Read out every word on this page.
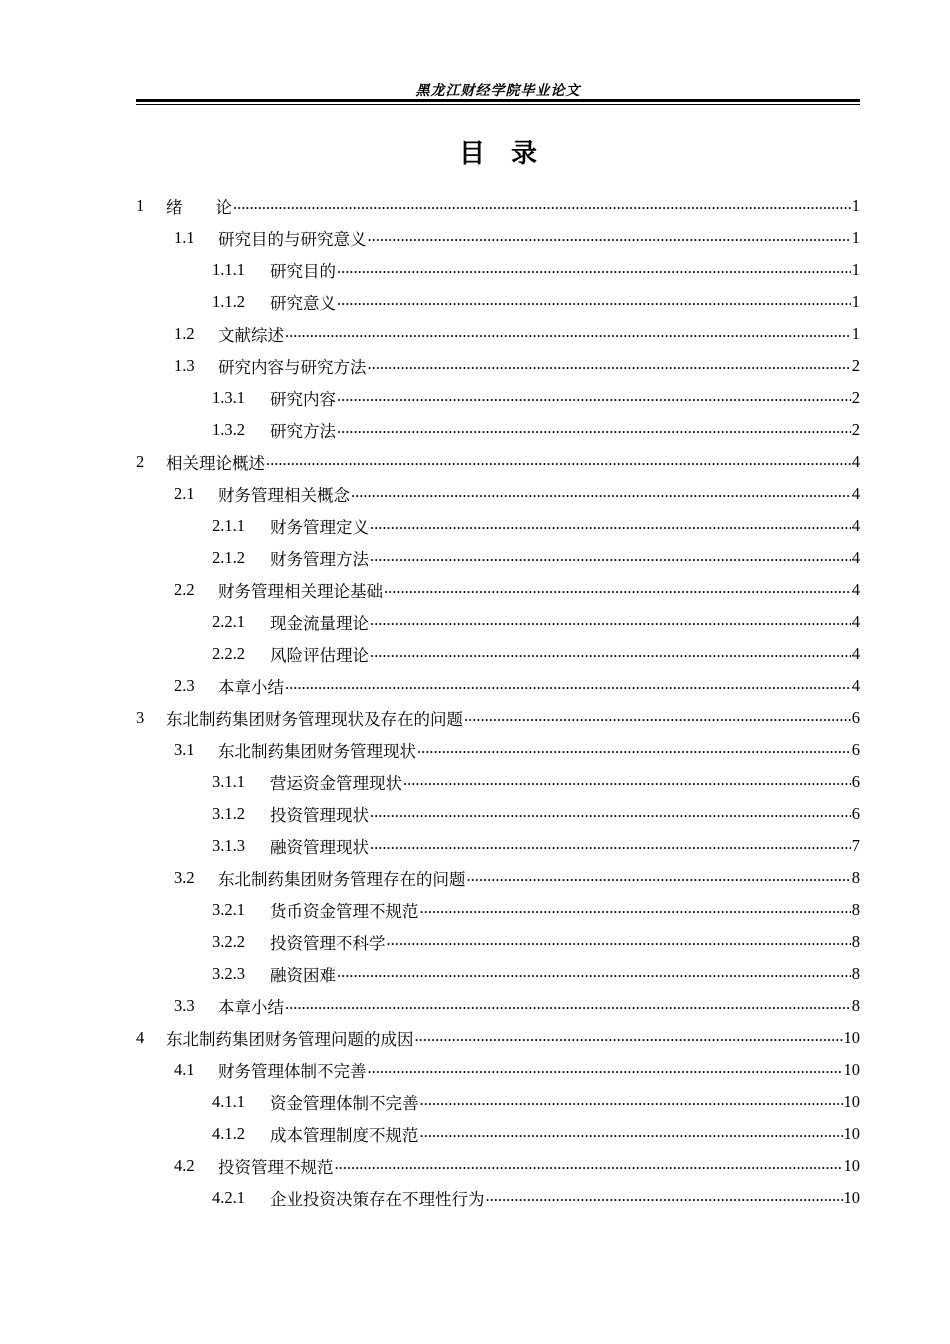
黑龙江财经学院毕业论文
目　录
1	绪　　论 .....	1
1.1	研究目的与研究意义 .....	1
1.1.1	研究目的 .....	1
1.1.2	研究意义 .....	1
1.2	文献综述 .....	1
1.3	研究内容与研究方法 .....	2
1.3.1	研究内容 .....	2
1.3.2	研究方法 .....	2
2	相关理论概述 .....	4
2.1	财务管理相关概念 .....	4
2.1.1	财务管理定义 .....	4
2.1.2	财务管理方法 .....	4
2.2	财务管理相关理论基础 .....	4
2.2.1	现金流量理论 .....	4
2.2.2	风险评估理论 .....	4
2.3	本章小结 .....	4
3	东北制药集团财务管理现状及存在的问题 .....	6
3.1	东北制药集团财务管理现状 .....	6
3.1.1	营运资金管理现状 .....	6
3.1.2	投资管理现状 .....	6
3.1.3	融资管理现状 .....	7
3.2	东北制药集团财务管理存在的问题 .....	8
3.2.1	货币资金管理不规范 .....	8
3.2.2	投资管理不科学 .....	8
3.2.3	融资困难 .....	8
3.3	本章小结 .....	8
4	东北制药集团财务管理问题的成因 .....	10
4.1	财务管理体制不完善 .....	10
4.1.1	资金管理体制不完善 .....	10
4.1.2	成本管理制度不规范 .....	10
4.2	投资管理不规范 .....	10
4.2.1	企业投资决策存在不理性行为 .....	10
